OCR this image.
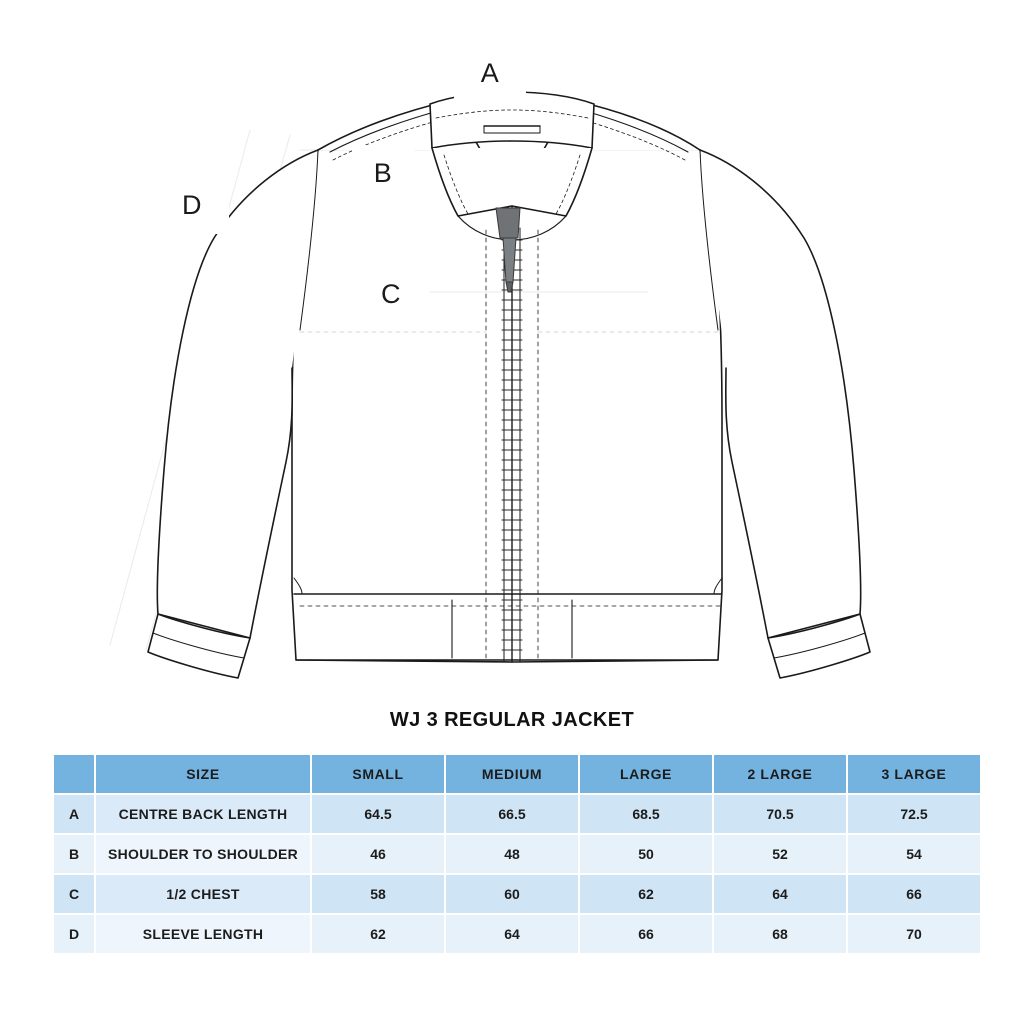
A
B
C
D
WJ 3 REGULAR JACKET
	SIZE	SMALL	MEDIUM	LARGE	2 LARGE	3 LARGE
A	CENTRE BACK LENGTH	64.5	66.5	68.5	70.5	72.5
B	SHOULDER TO SHOULDER	46	48	50	52	54
C	1/2 CHEST	58	60	62	64	66
D	SLEEVE LENGTH	62	64	66	68	70
